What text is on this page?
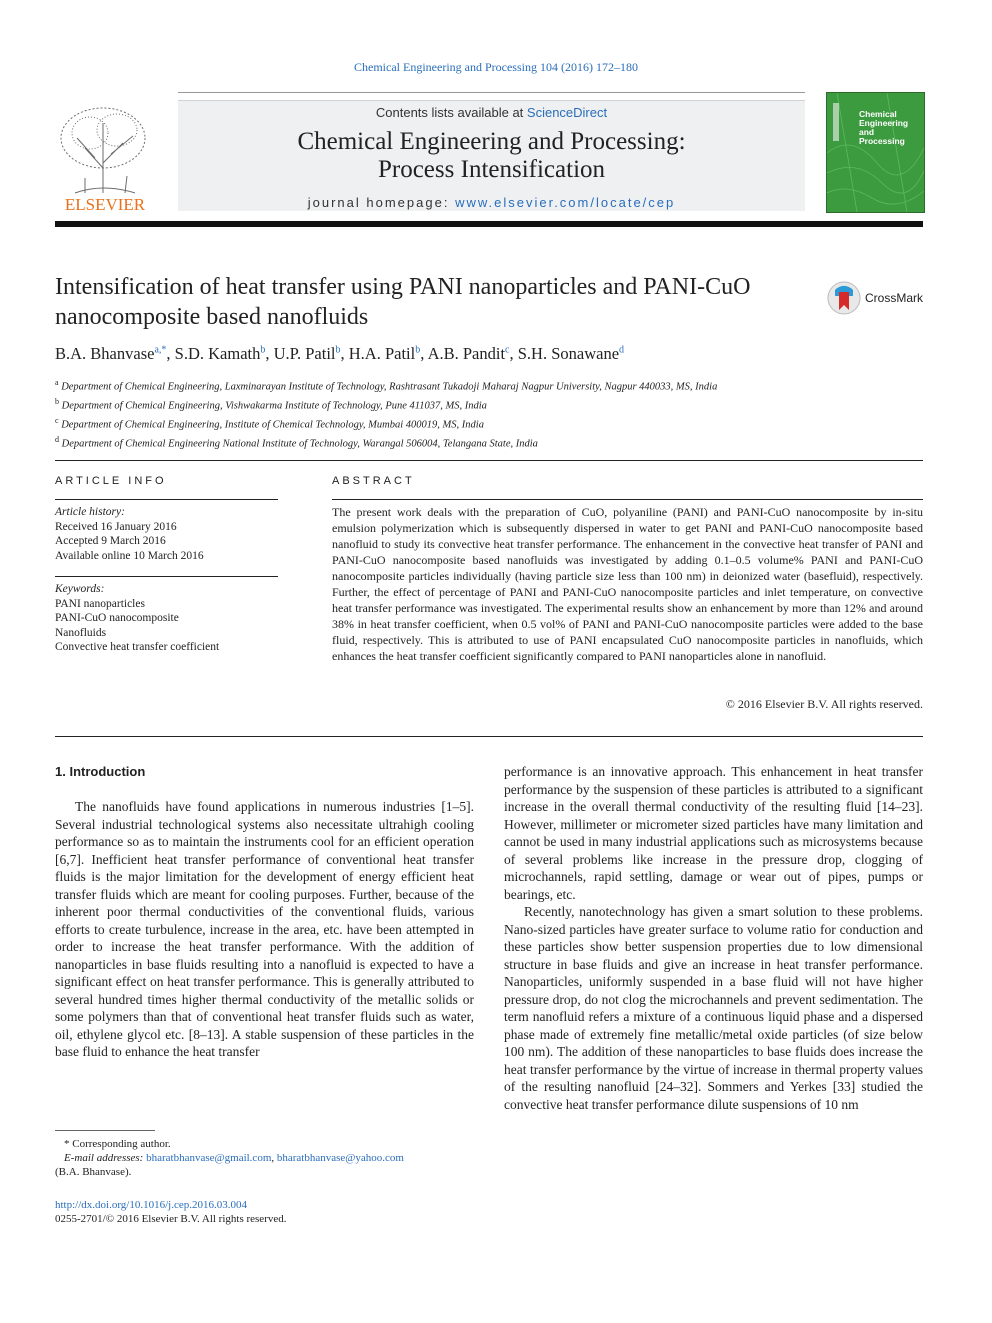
Chemical Engineering and Processing 104 (2016) 172–180
ELSEVIER
Contents lists available at ScienceDirect
Chemical Engineering and Processing:
Process Intensification
journal homepage: www.elsevier.com/locate/cep
Chemical
Engineering
and
Processing
Intensification of heat transfer using PANI nanoparticles and PANI-CuO
nanocomposite based nanofluids
CrossMark
B.A. Bhanvase$^{a,*}$, S.D. Kamath$^b$, U.P. Patil$^b$, H.A. Patil$^b$, A.B. Pandit$^c$, S.H. Sonawane$^d$
$^a$ Department of Chemical Engineering, Laxminarayan Institute of Technology, Rashtrasant Tukadoji Maharaj Nagpur University, Nagpur 440033, MS, India
$^b$ Department of Chemical Engineering, Vishwakarma Institute of Technology, Pune 411037, MS, India
$^c$ Department of Chemical Engineering, Institute of Chemical Technology, Mumbai 400019, MS, India
$^d$ Department of Chemical Engineering National Institute of Technology, Warangal 506004, Telangana State, India
ARTICLE INFO	ABSTRACT
Article history:
Received 16 January 2016
Accepted 9 March 2016
Available online 10 March 2016
Keywords:
PANI nanoparticles
PANI-CuO nanocomposite
Nanofluids
Convective heat transfer coefficient
The present work deals with the preparation of CuO, polyaniline (PANI) and PANI-CuO nanocomposite by in-situ emulsion polymerization which is subsequently dispersed in water to get PANI and PANI-CuO nanocomposite based nanofluid to study its convective heat transfer performance. The enhancement in the convective heat transfer of PANI and PANI-CuO nanocomposite based nanofluids was investigated by adding 0.1–0.5 volume% PANI and PANI-CuO nanocomposite particles individually (having particle size less than 100 nm) in deionized water (basefluid), respectively. Further, the effect of percentage of PANI and PANI-CuO nanocomposite particles and inlet temperature, on convective heat transfer performance was investigated. The experimental results show an enhancement by more than 12% and around 38% in heat transfer coefficient, when 0.5 vol% of PANI and PANI-CuO nanocomposite particles were added to the base fluid, respectively. This is attributed to use of PANI encapsulated CuO nanocomposite particles in nanofluids, which enhances the heat transfer coefficient significantly compared to PANI nanoparticles alone in nanofluid.
© 2016 Elsevier B.V. All rights reserved.
1. Introduction

The nanofluids have found applications in numerous industries [1–5]. Several industrial technological systems also necessitate ultrahigh cooling performance so as to maintain the instruments cool for an efficient operation [6,7]. Inefficient heat transfer performance of conventional heat transfer fluids is the major limitation for the development of energy efficient heat transfer fluids which are meant for cooling purposes. Further, because of the inherent poor thermal conductivities of the conventional fluids, various efforts to create turbulence, increase in the area, etc. have been attempted in order to increase the heat transfer performance. With the addition of nanoparticles in base fluids resulting into a nanofluid is expected to have a significant effect on heat transfer performance. This is generally attributed to several hundred times higher thermal conductivity of the metallic solids or some polymers than that of conventional heat transfer fluids such as water, oil, ethylene glycol etc. [8–13]. A stable suspension of these particles in the base fluid to enhance the heat transfer

performance is an innovative approach. This enhancement in heat transfer performance by the suspension of these particles is attributed to a significant increase in the overall thermal conductivity of the resulting fluid [14–23]. However, millimeter or micrometer sized particles have many limitation and cannot be used in many industrial applications such as microsystems because of several problems like increase in the pressure drop, clogging of microchannels, rapid settling, damage or wear out of pipes, pumps or bearings, etc.

Recently, nanotechnology has given a smart solution to these problems. Nano-sized particles have greater surface to volume ratio for conduction and these particles show better suspension properties due to low dimensional structure in base fluids and give an increase in heat transfer performance. Nanoparticles, uniformly suspended in a base fluid will not have higher pressure drop, do not clog the microchannels and prevent sedimentation. The term nanofluid refers a mixture of a continuous liquid phase and a dispersed phase made of extremely fine metallic/metal oxide particles (of size below 100 nm). The addition of these nanoparticles to base fluids does increase the heat transfer performance by the virtue of increase in thermal property values of the resulting nanofluid [24–32]. Sommers and Yerkes [33] studied the convective heat transfer performance dilute suspensions of 10 nm

* Corresponding author.
E-mail addresses: bharatbhanvase@gmail.com, bharatbhanvase@yahoo.com
(B.A. Bhanvase).
http://dx.doi.org/10.1016/j.cep.2016.03.004
0255-2701/© 2016 Elsevier B.V. All rights reserved.
